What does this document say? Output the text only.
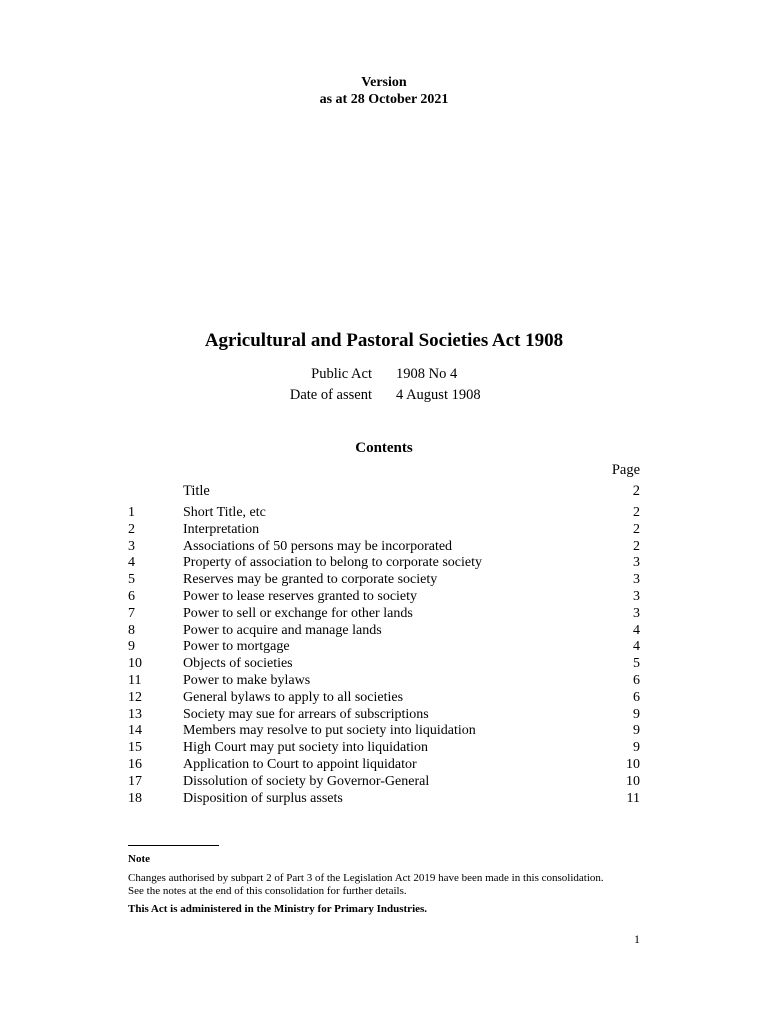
Version
as at 28 October 2021
Agricultural and Pastoral Societies Act 1908
Public Act 1908 No 4
Date of assent 4 August 1908
Contents
Page
Title	2
1	Short Title, etc	2
2	Interpretation	2
3	Associations of 50 persons may be incorporated	2
4	Property of association to belong to corporate society	3
5	Reserves may be granted to corporate society	3
6	Power to lease reserves granted to society	3
7	Power to sell or exchange for other lands	3
8	Power to acquire and manage lands	4
9	Power to mortgage	4
10	Objects of societies	5
11	Power to make bylaws	6
12	General bylaws to apply to all societies	6
13	Society may sue for arrears of subscriptions	9
14	Members may resolve to put society into liquidation	9
15	High Court may put society into liquidation	9
16	Application to Court to appoint liquidator	10
17	Dissolution of society by Governor-General	10
18	Disposition of surplus assets	11
Note
Changes authorised by subpart 2 of Part 3 of the Legislation Act 2019 have been made in this consolidation.
See the notes at the end of this consolidation for further details.
This Act is administered in the Ministry for Primary Industries.
1
